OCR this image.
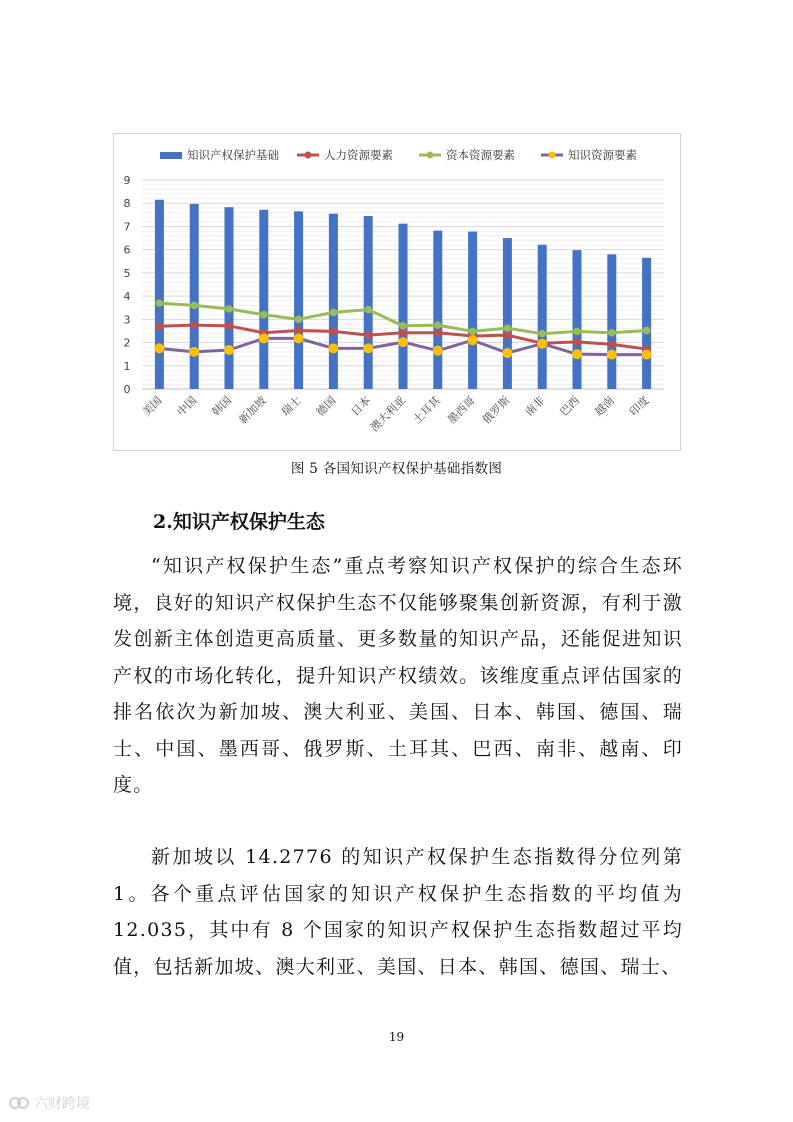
0
1
2
3
4
5
6
7
8
9
美国 中国 韩国 新加坡 瑞士 德国 日本
澳大利亚 土耳其 墨西哥 俄罗斯 南非 巴西 越南 印度
知识产权保护基础	人力资源要素	资本资源要素	知识资源要素
图 5 各国知识产权保护基础指数图
2.知识产权保护生态

“知识产权保护生态”重点考察知识产权保护的综合生态环境，良好的知识产权保护生态不仅能够聚集创新资源，有利于激发创新主体创造更高质量、更多数量的知识产品，还能促进知识产权的市场化转化，提升知识产权绩效。该维度重点评估国家的排名依次为新加坡、澳大利亚、美国、日本、韩国、德国、瑞士、中国、墨西哥、俄罗斯、土耳其、巴西、南非、越南、印度。

新加坡以 14.2776 的知识产权保护生态指数得分位列第 1。各个重点评估国家的知识产权保护生态指数的平均值为12.035，其中有 8 个国家的知识产权保护生态指数超过平均值，包括新加坡、澳大利亚、美国、日本、韩国、德国、瑞士、

19
六财跨境
